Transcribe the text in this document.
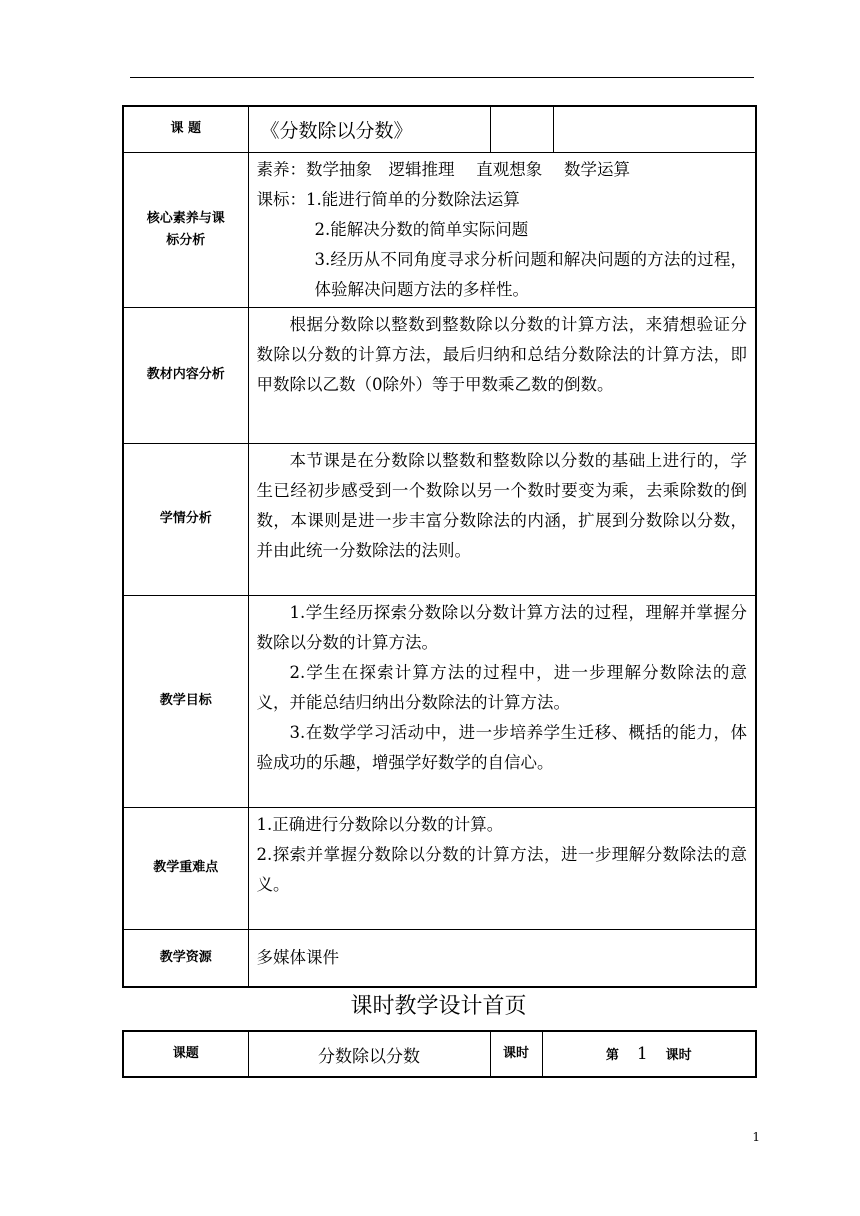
课 题	《分数除以分数》		
核心素养与课标分析	素养：数学抽象　逻辑推理　 直观想象　 数学运算

课标：1.能进行简单的分数除法运算

2.能解决分数的简单实际问题

3.经历从不同角度寻求分析问题和解决问题的方法的过程，体验解决问题方法的多样性。		

教材内容分析	根据分数除以整数到整数除以分数的计算方法，来猜想验证分数除以分数的计算方法，最后归纳和总结分数除法的计算方法，即甲数除以乙数（0除外）等于甲数乘乙数的倒数。		

学情分析	本节课是在分数除以整数和整数除以分数的基础上进行的，学生已经初步感受到一个数除以另一个数时要变为乘，去乘除数的倒数，本课则是进一步丰富分数除法的内涵，扩展到分数除以分数，并由此统一分数除法的法则。		

教学目标	1.学生经历探索分数除以分数计算方法的过程，理解并掌握分数除以分数的计算方法。

2.学生在探索计算方法的过程中，进一步理解分数除法的意义，并能总结归纳出分数除法的计算方法。

3.在数学学习活动中，进一步培养学生迁移、概括的能力，体验成功的乐趣，增强学好数学的自信心。		

教学重难点	1.正确进行分数除以分数的计算。

2.探索并掌握分数除以分数的计算方法，进一步理解分数除法的意义。		

教学资源	多媒体课件		

课时教学设计首页
课题	分数除以分数	课时	第 1 课时
1
